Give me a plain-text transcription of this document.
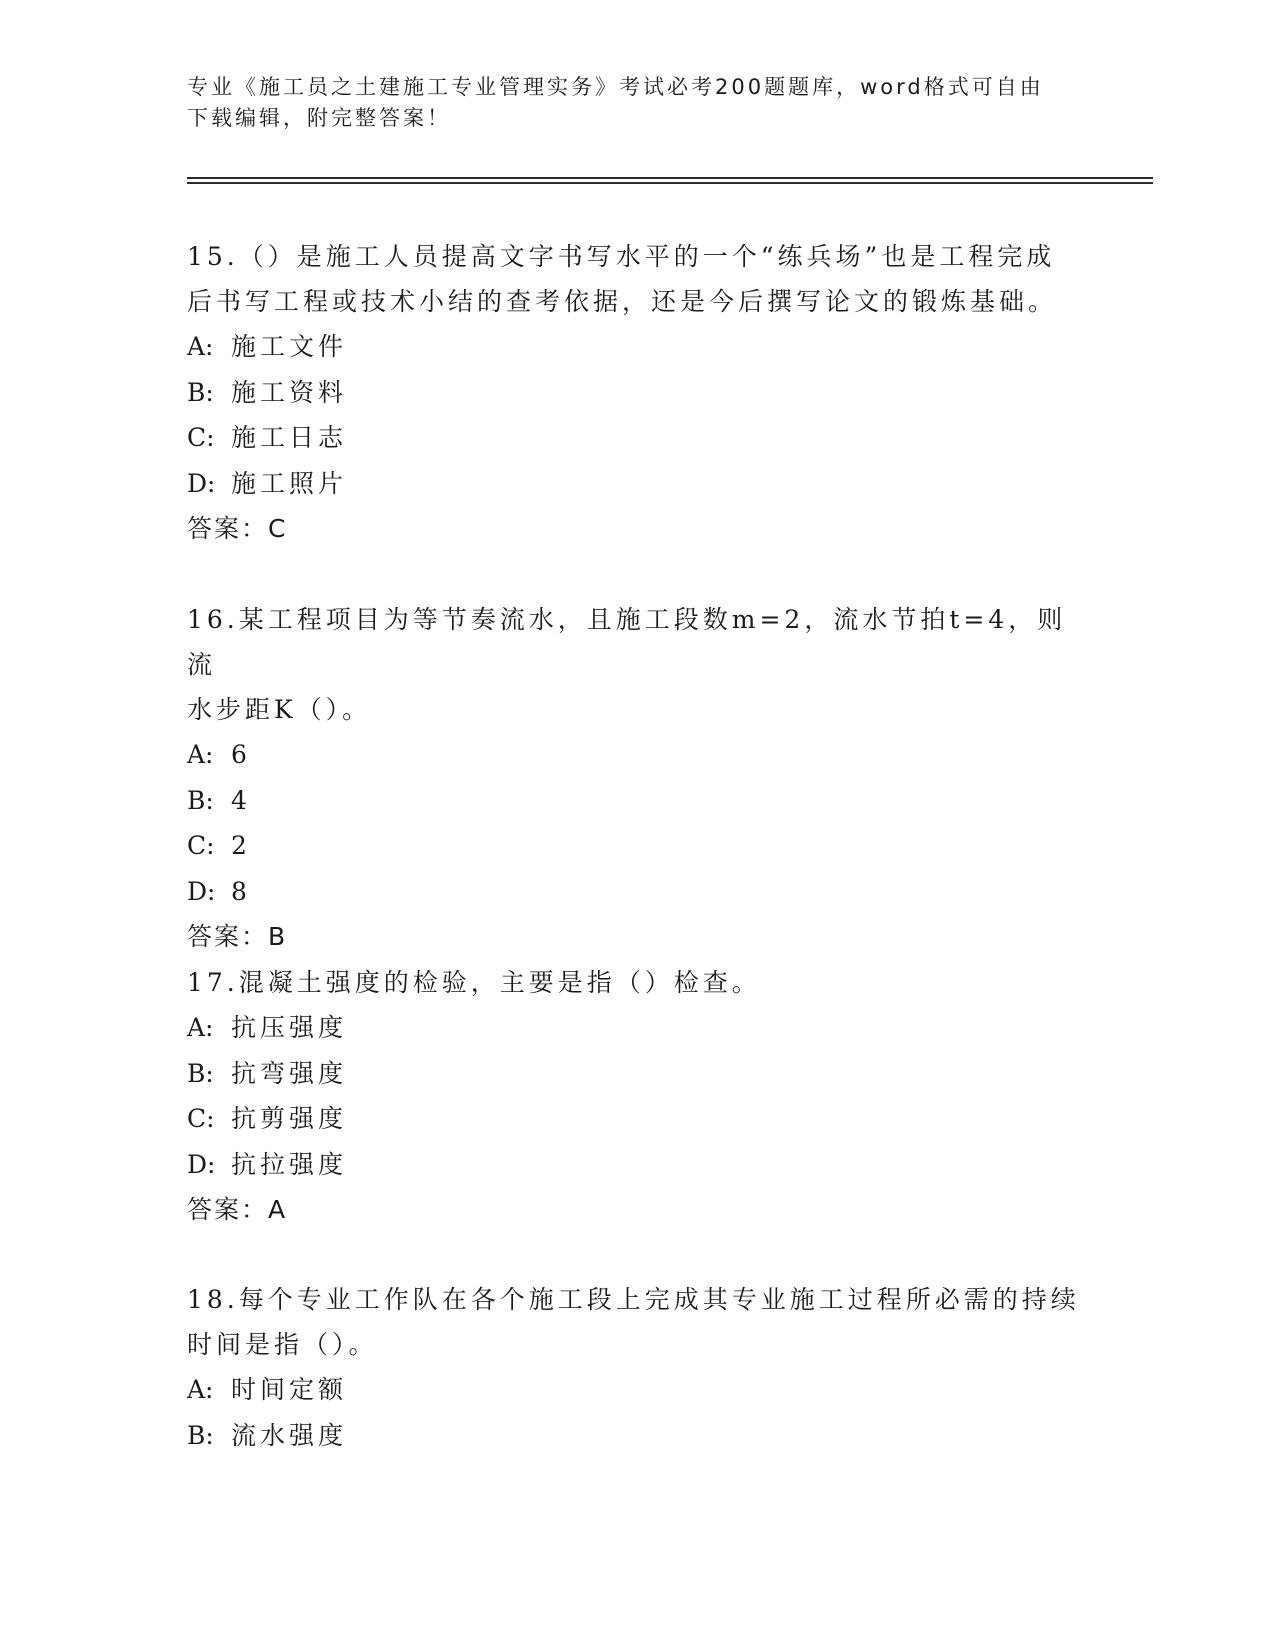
专业《施工员之土建施工专业管理实务》考试必考200题题库，word格式可自由
下载编辑，附完整答案！

15.（）是施工人员提高文字书写水平的一个“练兵场”也是工程完成
后书写工程或技术小结的查考依据，还是今后撰写论文的锻炼基础。

A: 施工文件
B: 施工资料
C: 施工日志
D: 施工照片
答案：C

16.某工程项目为等节奏流水，且施工段数m=2，流水节拍t=4，则流
水步距K（）。

A: 6
B: 4
C: 2
D: 8
答案：B

17.混凝土强度的检验，主要是指（）检查。

A: 抗压强度
B: 抗弯强度
C: 抗剪强度
D: 抗拉强度
答案：A

18.每个专业工作队在各个施工段上完成其专业施工过程所必需的持续
时间是指（）。

A: 时间定额
B: 流水强度
